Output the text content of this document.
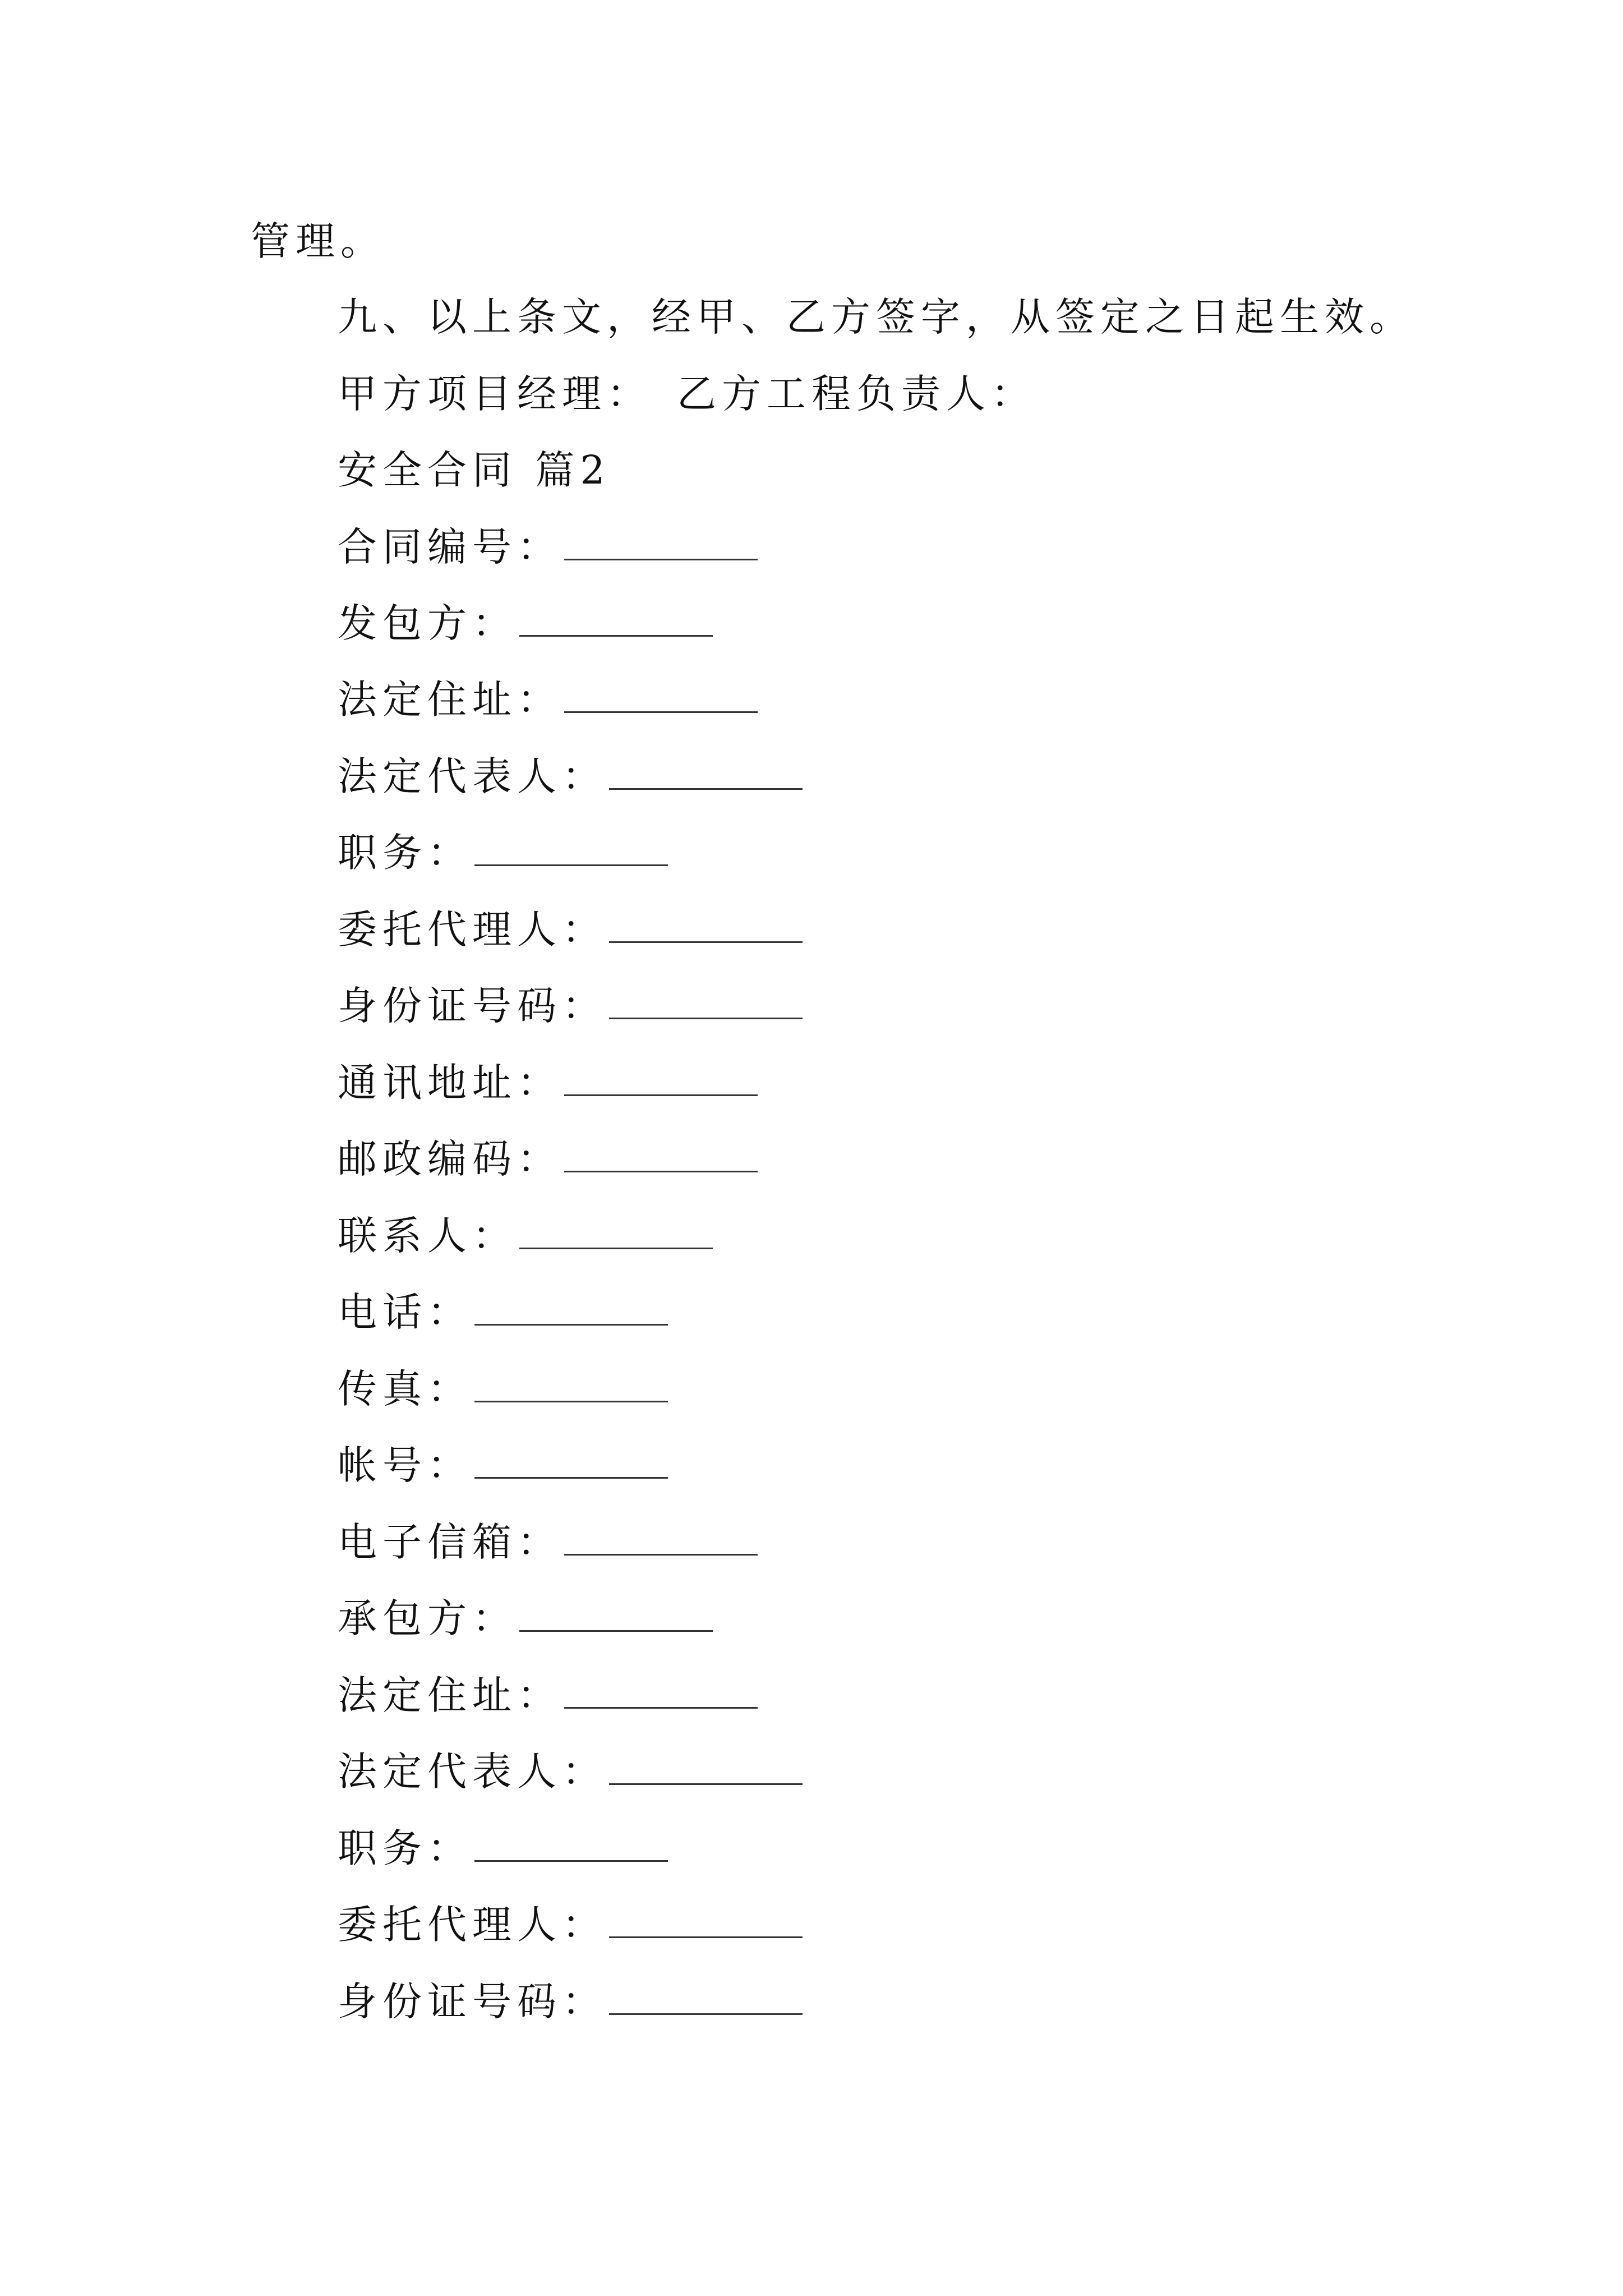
管理。
九、以上条文，经甲、乙方签字，从签定之日起生效。
甲方项目经理：　乙方工程负责人：
安全合同 篇2
合同编号：
发包方：
法定住址：
法定代表人：
职务：
委托代理人：
身份证号码：
通讯地址：
邮政编码：
联系人：
电话：
传真：
帐号：
电子信箱：
承包方：
法定住址：
法定代表人：
职务：
委托代理人：
身份证号码：
